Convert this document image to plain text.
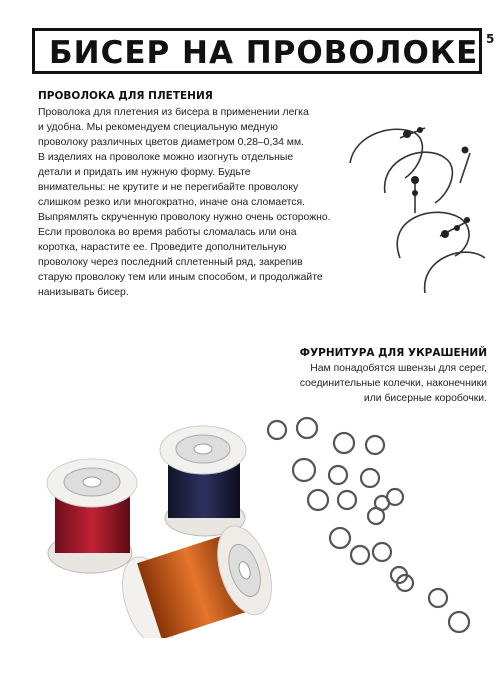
БИСЕР НА ПРОВОЛОКЕ 5
ПРОВОЛОКА ДЛЯ ПЛЕТЕНИЯ
Проволока для плетения из бисера в применении легка
и удобна. Мы рекомендуем специальную медную
проволоку различных цветов диаметром 0,28–0,34 мм.
В изделиях на проволоке можно изогнуть отдельные
детали и придать им нужную форму. Будьте
внимательны: не крутите и не перегибайте проволоку
слишком резко или многократно, иначе она сломается.
Выпрямлять скрученную проволоку нужно очень осторожно.
Если проволока во время работы сломалась или она
коротка, нарастите ее. Проведите дополнительную
проволоку через последний сплетенный ряд, закрепив
старую проволоку тем или иным способом, и продолжайте
нанизывать бисер.
ФУРНИТУРА ДЛЯ УКРАШЕНИЙ
Нам понадобятся швензы для серег,
соединительные колечки, наконечники
или бисерные коробочки.
